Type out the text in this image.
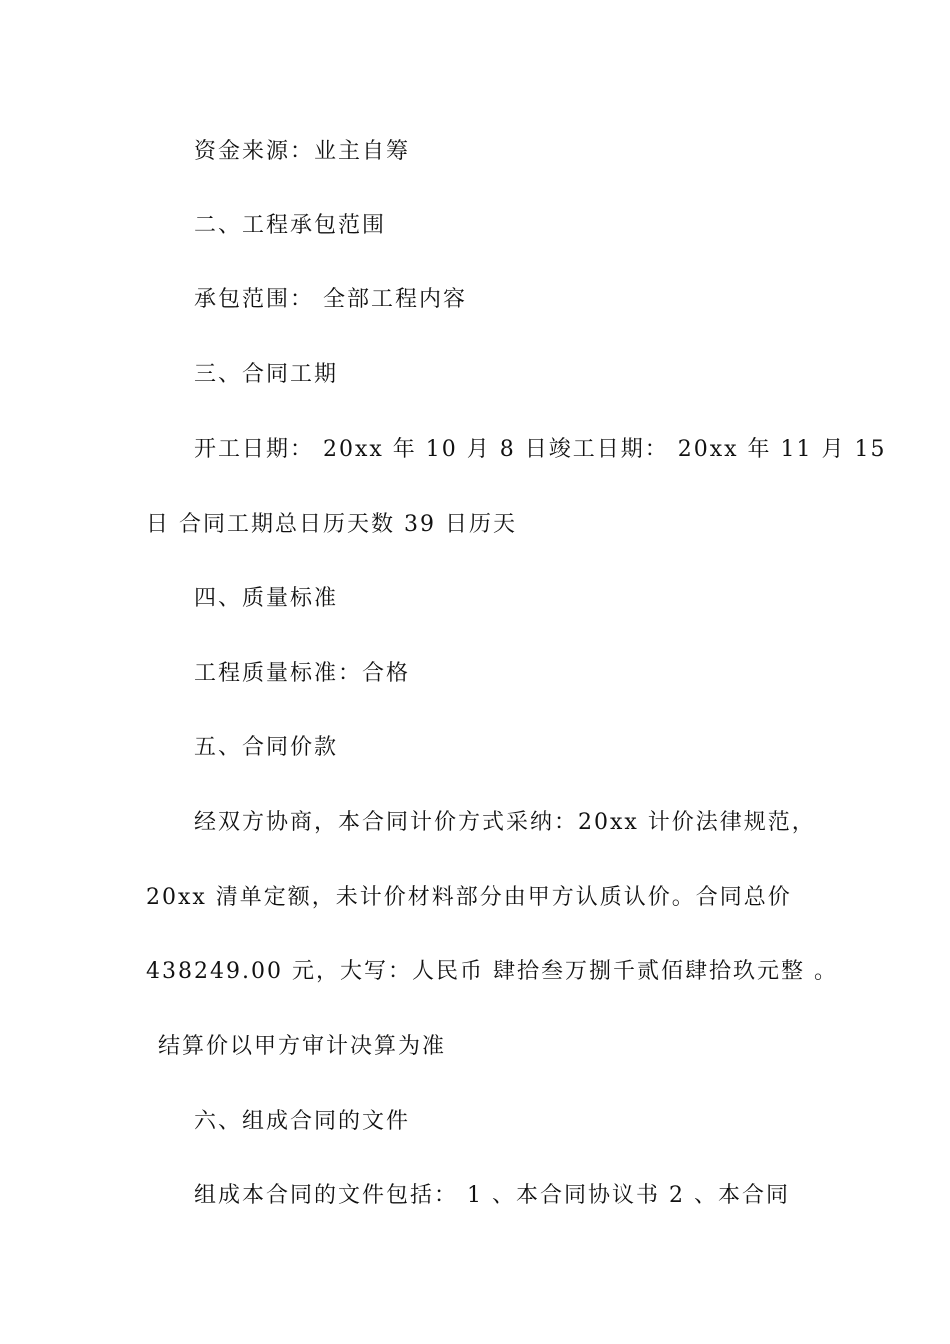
资金来源：业主自筹
二、工程承包范围
承包范围： 全部工程内容
三、合同工期
开工日期： 20xx 年 10 月 8 日竣工日期： 20xx 年 11 月 15
日 合同工期总日历天数 39 日历天
四、质量标准
工程质量标准：合格
五、合同价款
经双方协商，本合同计价方式采纳：20xx 计价法律规范，
20xx 清单定额，未计价材料部分由甲方认质认价。合同总价
438249.00 元，大写：人民币 肆拾叁万捌千贰佰肆拾玖元整 。
结算价以甲方审计决算为准
六、组成合同的文件
组成本合同的文件包括： 1 、本合同协议书 2 、本合同
